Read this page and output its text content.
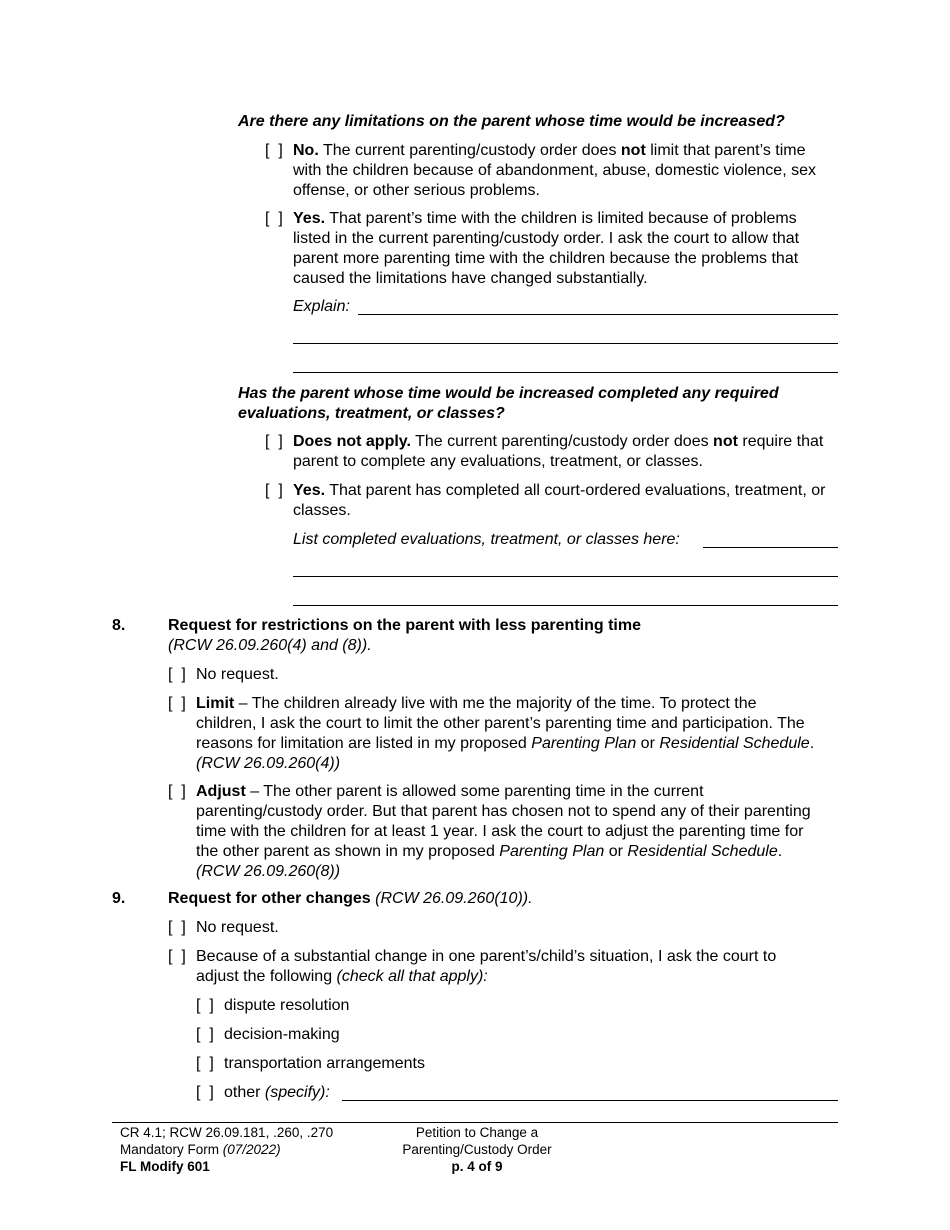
Are there any limitations on the parent whose time would be increased?
[  ] No. The current parenting/custody order does not limit that parent’s time with the children because of abandonment, abuse, domestic violence, sex offense, or other serious problems.
[  ] Yes. That parent’s time with the children is limited because of problems listed in the current parenting/custody order. I ask the court to allow that parent more parenting time with the children because the problems that caused the limitations have changed substantially.
Explain:
Has the parent whose time would be increased completed any required evaluations, treatment, or classes?
[  ] Does not apply. The current parenting/custody order does not require that parent to complete any evaluations, treatment, or classes.
[  ] Yes. That parent has completed all court-ordered evaluations, treatment, or classes.
List completed evaluations, treatment, or classes here:
8.	Request for restrictions on the parent with less parenting time
(RCW 26.09.260(4) and (8)).
[  ] No request.
[  ] Limit – The children already live with me the majority of the time. To protect the children, I ask the court to limit the other parent’s parenting time and participation. The reasons for limitation are listed in my proposed Parenting Plan or Residential Schedule. (RCW 26.09.260(4))
[  ] Adjust – The other parent is allowed some parenting time in the current parenting/custody order. But that parent has chosen not to spend any of their parenting time with the children for at least 1 year. I ask the court to adjust the parenting time for the other parent as shown in my proposed Parenting Plan or Residential Schedule. (RCW 26.09.260(8))
9.	Request for other changes (RCW 26.09.260(10)).
[  ] No request.
[  ] Because of a substantial change in one parent’s/child’s situation, I ask the court to adjust the following (check all that apply):
[  ] dispute resolution
[  ] decision-making
[  ] transportation arrangements
[  ] other (specify):
CR 4.1; RCW 26.09.181, .260, .270
Mandatory Form (07/2022)
FL Modify 601
Petition to Change a
Parenting/Custody Order
p. 4 of 9
